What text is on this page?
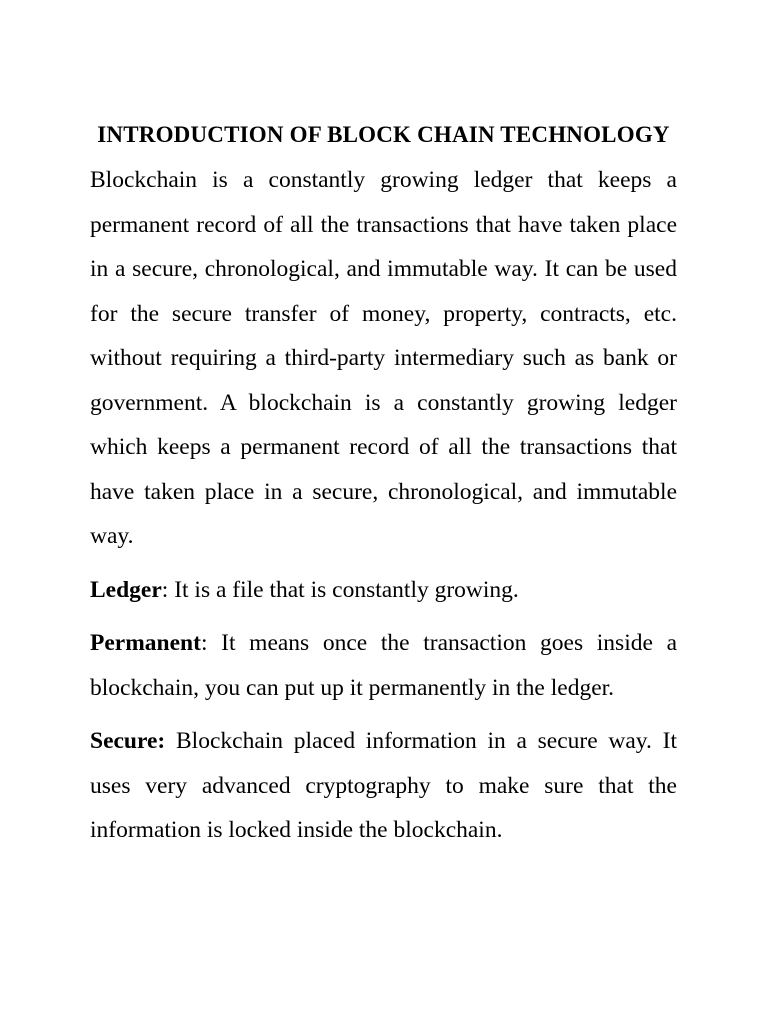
INTRODUCTION OF BLOCK CHAIN TECHNOLOGY

Blockchain is a constantly growing ledger that keeps a permanent record of all the transactions that have taken place in a secure, chronological, and immutable way. It can be used for the secure transfer of money, property, contracts, etc. without requiring a third-party intermediary such as bank or government. A blockchain is a constantly growing ledger which keeps a permanent record of all the transactions that have taken place in a secure, chronological, and immutable way.

Ledger: It is a file that is constantly growing.

Permanent: It means once the transaction goes inside a blockchain, you can put up it permanently in the ledger.

Secure: Blockchain placed information in a secure way. It uses very advanced cryptography to make sure that the information is locked inside the blockchain.
